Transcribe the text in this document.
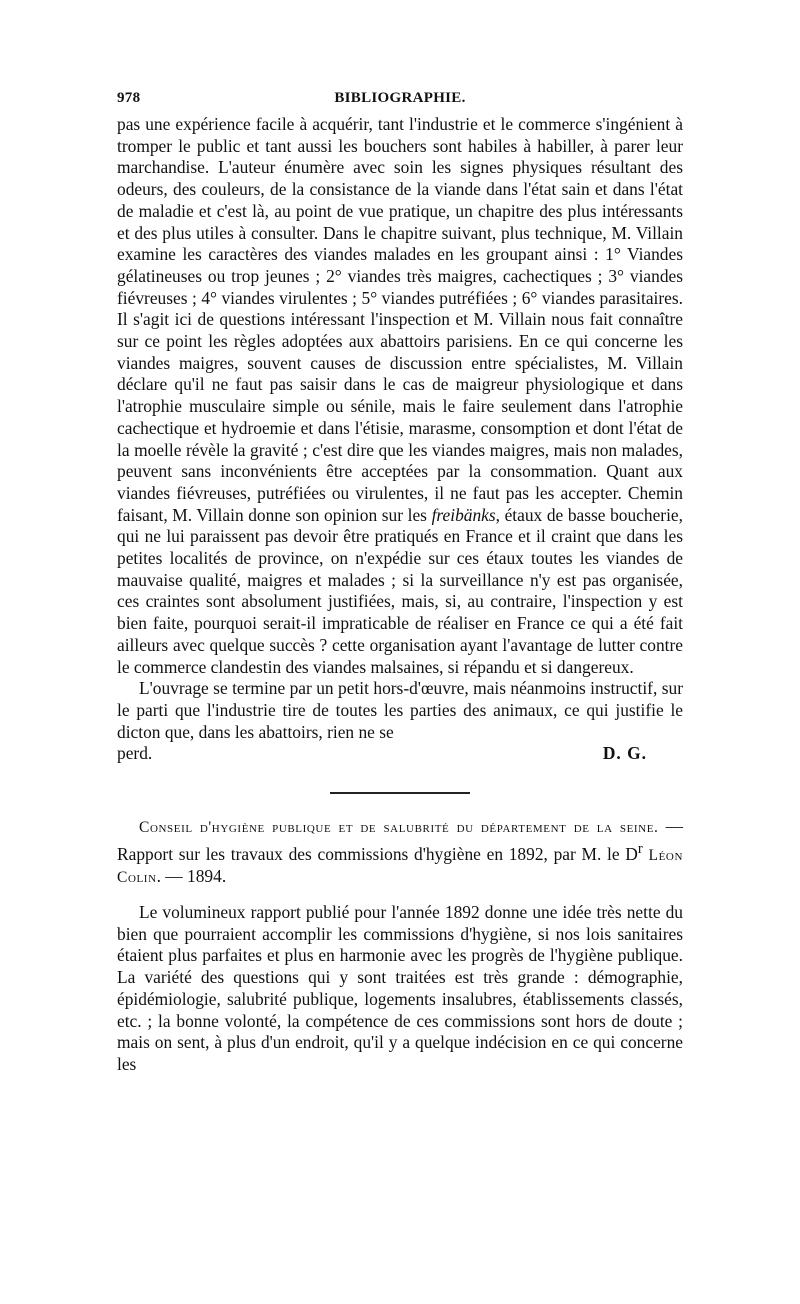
978	BIBLIOGRAPHIE.

pas une expérience facile à acquérir, tant l'industrie et le commerce s'ingénient à tromper le public et tant aussi les bouchers sont habiles à habiller, à parer leur marchandise. L'auteur énumère avec soin les signes physiques résultant des odeurs, des couleurs, de la consistance de la viande dans l'état sain et dans l'état de maladie et c'est là, au point de vue pratique, un chapitre des plus intéressants et des plus utiles à consulter. Dans le chapitre suivant, plus technique, M. Villain examine les caractères des viandes malades en les groupant ainsi : 1° Viandes gélatineuses ou trop jeunes ; 2° viandes très maigres, cachectiques ; 3° viandes fiévreuses ; 4° viandes virulentes ; 5° viandes putréfiées ; 6° viandes parasitaires. Il s'agit ici de questions intéressant l'inspection et M. Villain nous fait connaître sur ce point les règles adoptées aux abattoirs parisiens. En ce qui concerne les viandes maigres, souvent causes de discussion entre spécialistes, M. Villain déclare qu'il ne faut pas saisir dans le cas de maigreur physiologique et dans l'atrophie musculaire simple ou sénile, mais le faire seulement dans l'atrophie cachectique et hydroemie et dans l'étisie, marasme, consomption et dont l'état de la moelle révèle la gravité ; c'est dire que les viandes maigres, mais non malades, peuvent sans inconvénients être acceptées par la consommation. Quant aux viandes fiévreuses, putréfiées ou virulentes, il ne faut pas les accepter. Chemin faisant, M. Villain donne son opinion sur les freibänks, étaux de basse boucherie, qui ne lui paraissent pas devoir être pratiqués en France et il craint que dans les petites localités de province, on n'expédie sur ces étaux toutes les viandes de mauvaise qualité, maigres et malades ; si la surveillance n'y est pas organisée, ces craintes sont absolument justifiées, mais, si, au contraire, l'inspection y est bien faite, pourquoi serait-il impraticable de réaliser en France ce qui a été fait ailleurs avec quelque succès ? cette organisation ayant l'avantage de lutter contre le commerce clandestin des viandes malsaines, si répandu et si dangereux.

L'ouvrage se termine par un petit hors-d'œuvre, mais néanmoins instructif, sur le parti que l'industrie tire de toutes les parties des animaux, ce qui justifie le dicton que, dans les abattoirs, rien ne se

perd.	D. G.

Conseil d'hygiène publique et de salubrité du département de la seine. — Rapport sur les travaux des commissions d'hygiène en 1892, par M. le $D^r$ Léon Colin. — 1894.

Le volumineux rapport publié pour l'année 1892 donne une idée très nette du bien que pourraient accomplir les commissions d'hygiène, si nos lois sanitaires étaient plus parfaites et plus en harmonie avec les progrès de l'hygiène publique. La variété des questions qui y sont traitées est très grande : démographie, épidémiologie, salubrité publique, logements insalubres, établissements classés, etc. ; la bonne volonté, la compétence de ces commissions sont hors de doute ; mais on sent, à plus d'un endroit, qu'il y a quelque indécision en ce qui concerne les
